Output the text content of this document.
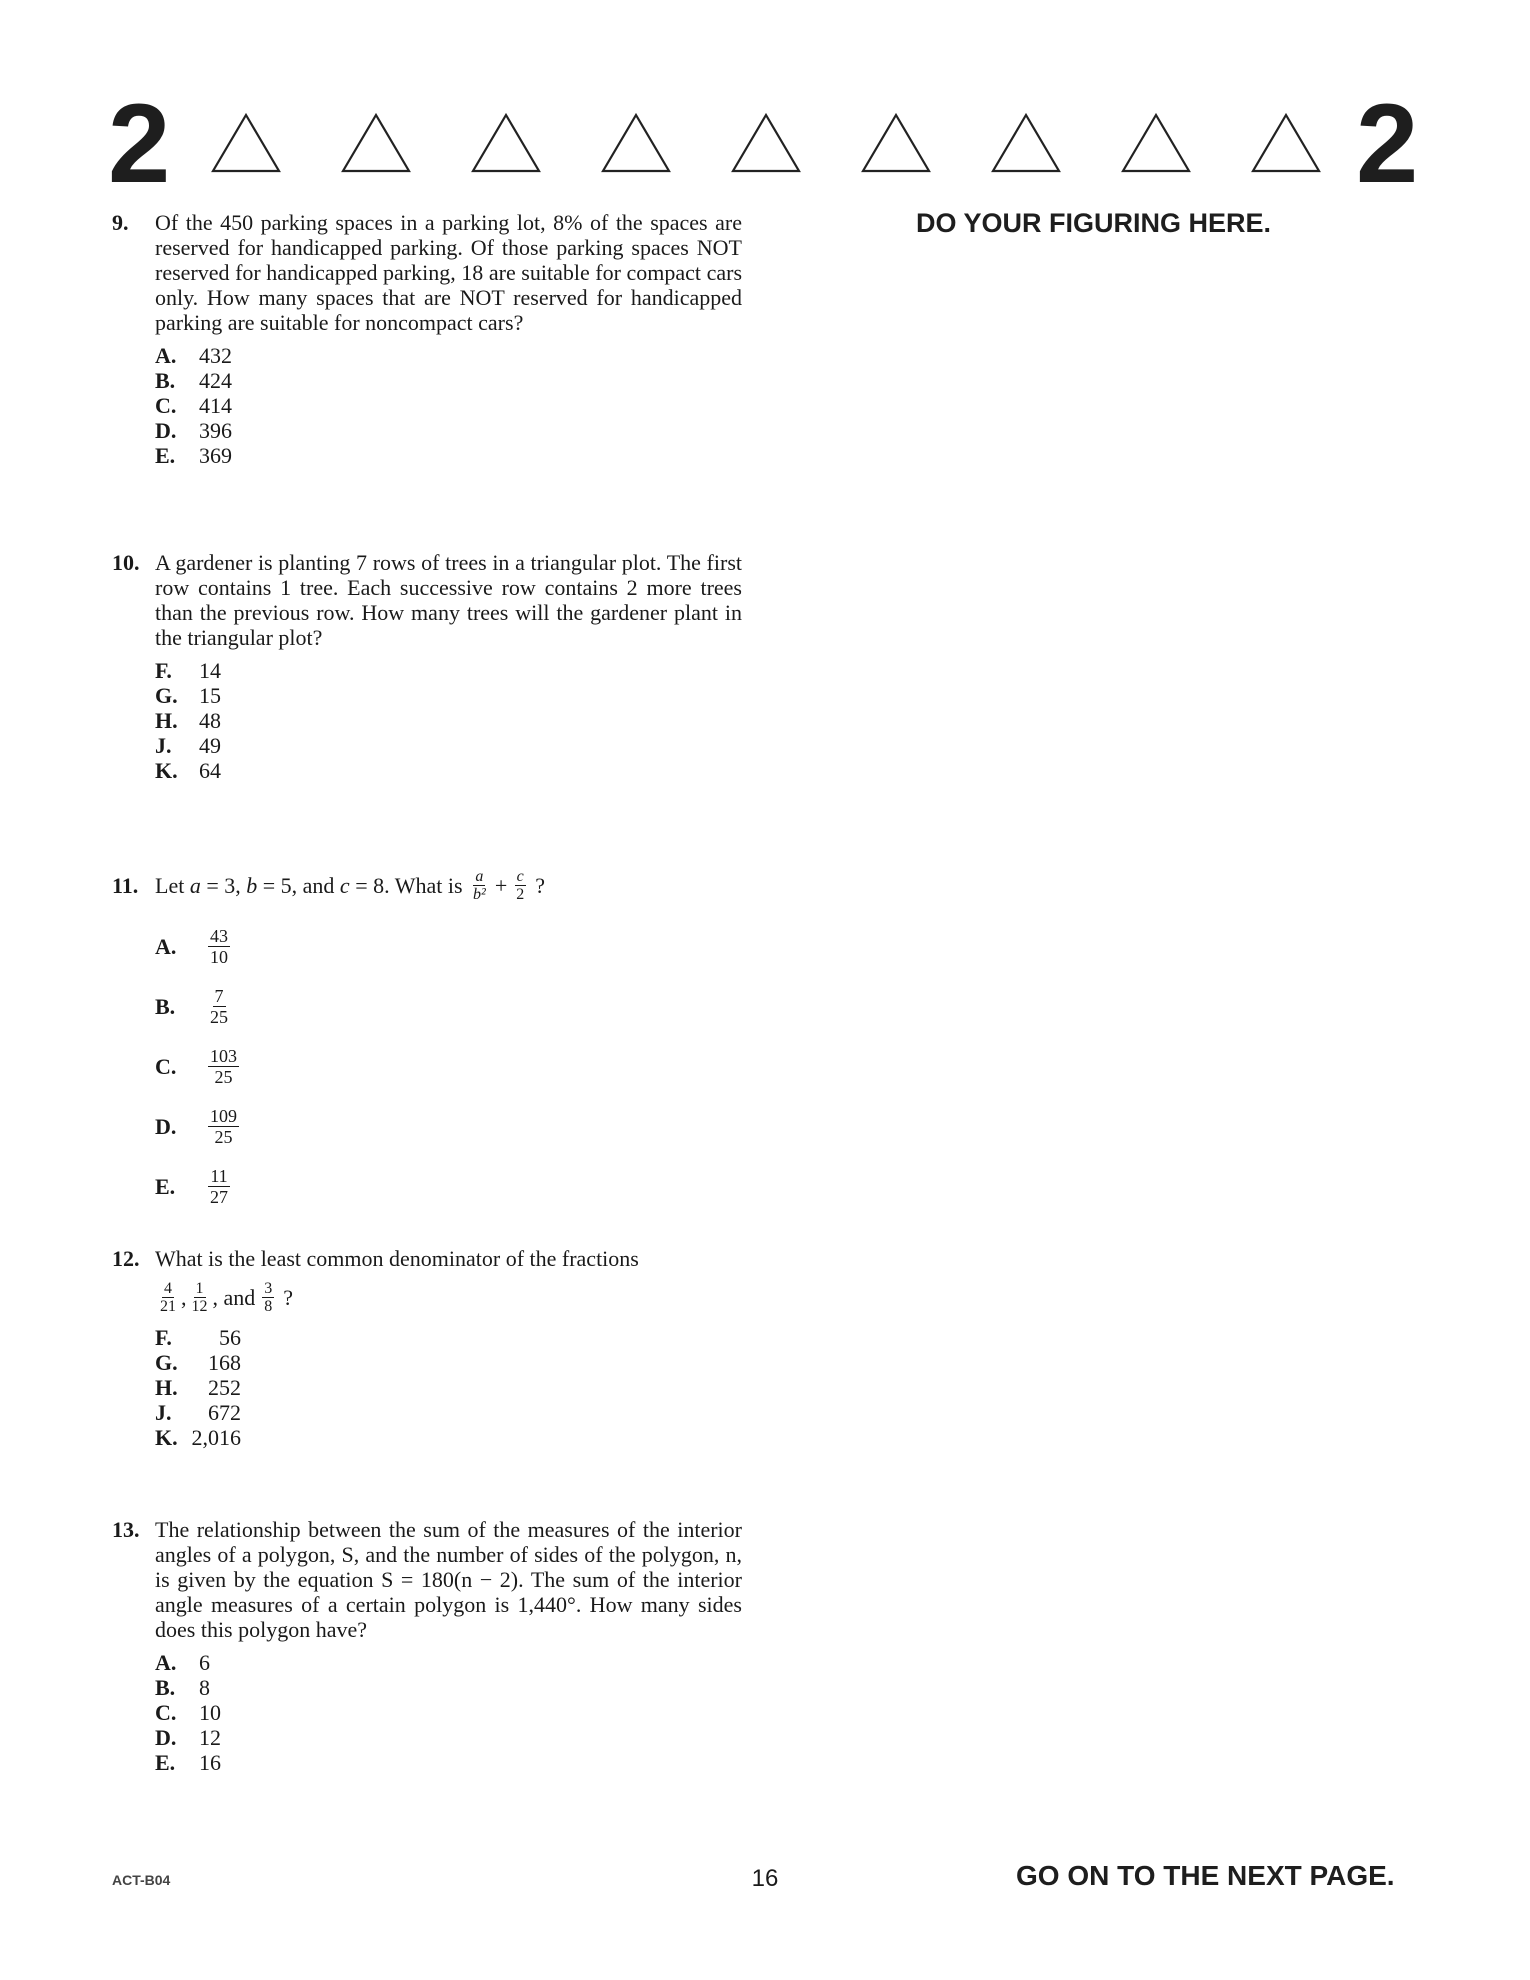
2	2
DO YOUR FIGURING HERE.
9. Of the 450 parking spaces in a parking lot, 8% of the spaces are reserved for handicapped parking. Of those parking spaces NOT reserved for handicapped parking, 18 are suitable for compact cars only. How many spaces that are NOT reserved for handicapped parking are suitable for noncompact cars?
A.	432
B.	424
C.	414
D.	396
E.	369
10. A gardener is planting 7 rows of trees in a triangular plot. The first row contains 1 tree. Each successive row contains 2 more trees than the previous row. How many trees will the gardener plant in the triangular plot?
F.	14
G. 15
H. 48
J.	49
K. 64
11. Let a = 3, b = 5, and c = 8. What is $\frac{a}{\text{b²}} + \frac{c}{2}$ ?
A.	$\frac{43}{10}$
B.	$\frac{7}{25}$
C.	$\frac{103}{25}$
D.	$\frac{109}{25}$
E.	$\frac{11}{27}$
12. What is the least common denominator of the fractions
$\frac{4}{21}$ , $\frac{1}{12}$ , and $\frac{3}{8}$ ?
F.	56
G.	168
H.	252
J.	672
K. 2,016
13. The relationship between the sum of the measures of the interior angles of a polygon, S, and the number of sides of the polygon, n, is given by the equation S = 180(n − 2). The sum of the interior angle measures of a certain polygon is 1,440°. How many sides does this polygon have?
A.	6
B.	8
C.	10
D.	12
E.	16
ACT-B04	16	GO ON TO THE NEXT PAGE.
